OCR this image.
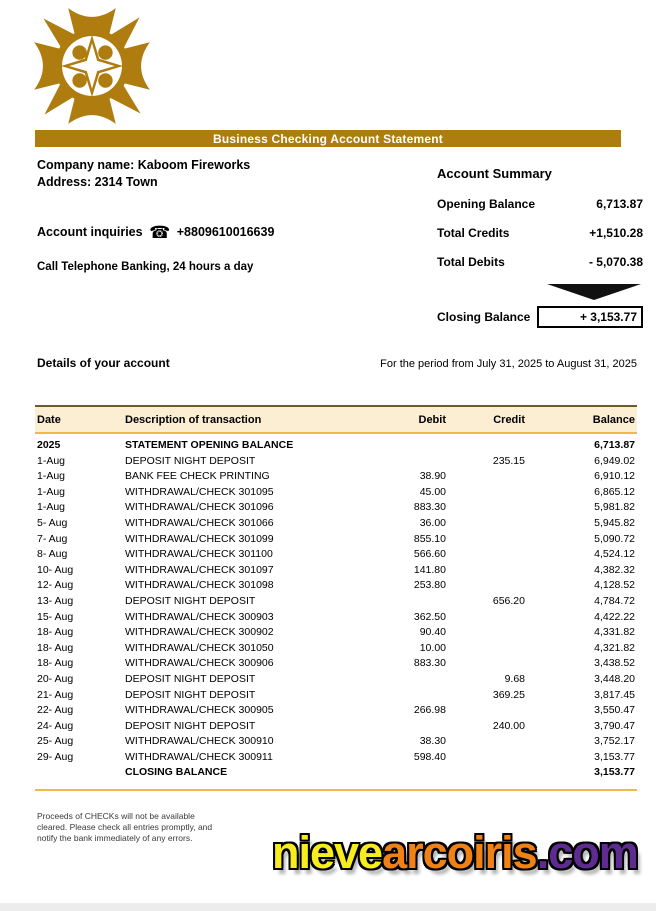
Business Checking Account Statement
Company name: Kaboom Fireworks
Address: 2314 Town
Account inquiries ☎ +8809610016639
Call Telephone Banking, 24 hours a day
Account Summary
Opening Balance	6,713.87
Total Credits	+1,510.28
Total Debits	- 5,070.38
Closing Balance	+ 3,153.77
Details of your account	For the period from July 31, 2025 to August 31, 2025
Date	Description of transaction	Debit	Credit	Balance
2025	STATEMENT OPENING BALANCE			6,713.87
1-Aug	DEPOSIT NIGHT DEPOSIT		235.15	6,949.02
1-Aug	BANK FEE CHECK PRINTING	38.90		6,910.12
1-Aug	WITHDRAWAL/CHECK 301095	45.00		6,865.12
1-Aug	WITHDRAWAL/CHECK 301096	883.30		5,981.82
5- Aug	WITHDRAWAL/CHECK 301066	36.00		5,945.82
7- Aug	WITHDRAWAL/CHECK 301099	855.10		5,090.72
8- Aug	WITHDRAWAL/CHECK 301100	566.60		4,524.12
10- Aug	WITHDRAWAL/CHECK 301097	141.80		4,382.32
12- Aug	WITHDRAWAL/CHECK 301098	253.80		4,128.52
13- Aug	DEPOSIT NIGHT DEPOSIT		656.20	4,784.72
15- Aug	WITHDRAWAL/CHECK 300903	362.50		4,422.22
18- Aug	WITHDRAWAL/CHECK 300902	90.40		4,331.82
18- Aug	WITHDRAWAL/CHECK 301050	10.00		4,321.82
18- Aug	WITHDRAWAL/CHECK 300906	883.30		3,438.52
20- Aug	DEPOSIT NIGHT DEPOSIT		9.68	3,448.20
21- Aug	DEPOSIT NIGHT DEPOSIT		369.25	3,817.45
22- Aug	WITHDRAWAL/CHECK 300905	266.98		3,550.47
24- Aug	DEPOSIT NIGHT DEPOSIT		240.00	3,790.47
25- Aug	WITHDRAWAL/CHECK 300910	38.30		3,752.17
29- Aug	WITHDRAWAL/CHECK 300911	598.40		3,153.77
	CLOSING BALANCE			3,153.77
Proceeds of CHECKs will not be available
cleared. Please check all entries promptly, and
notify the bank immediately of any errors.	nievearcoiris.com
